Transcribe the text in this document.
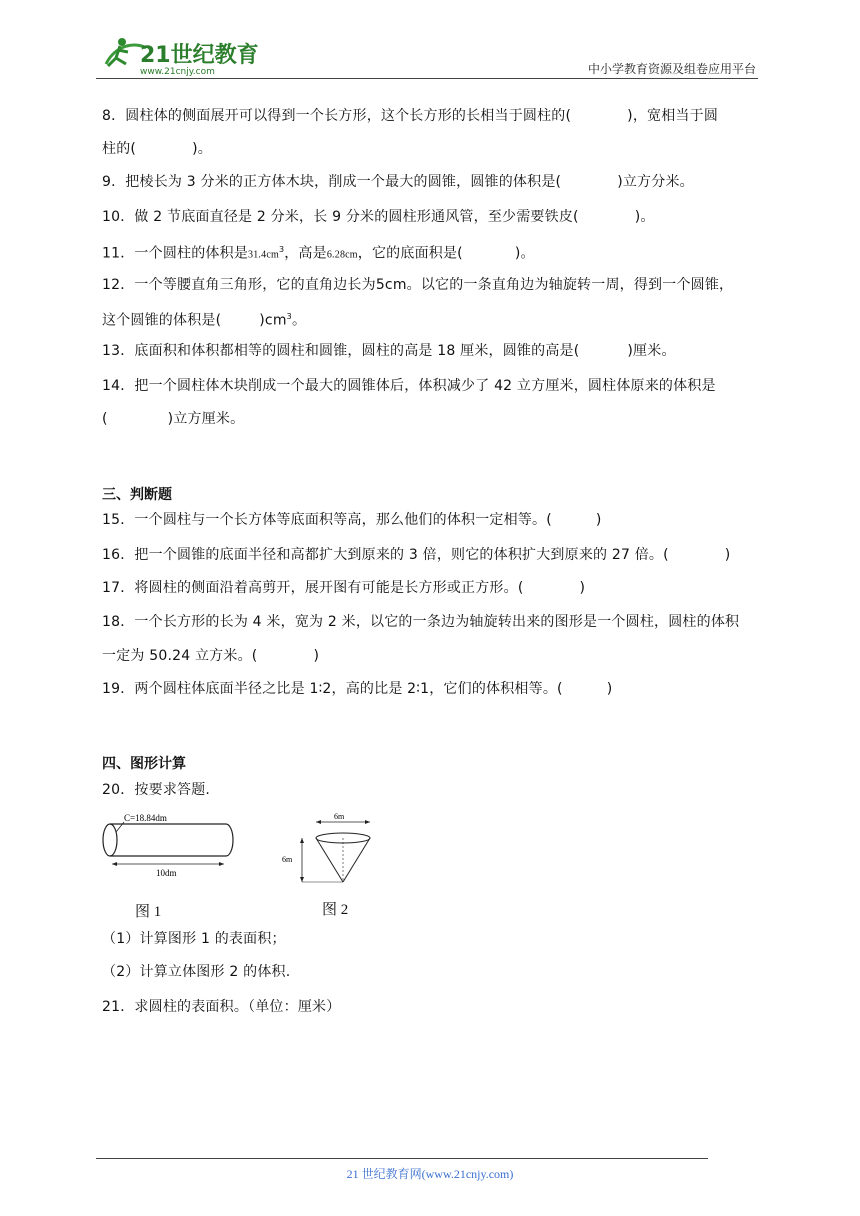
21世纪教育
www.21cnjy.com	中小学教育资源及组卷应用平台
8．圆柱体的侧面展开可以得到一个长方形，这个长方形的长相当于圆柱的(	)，宽相当于圆
柱的(	)。
9．把棱长为 3 分米的正方体木块，削成一个最大的圆锥，圆锥的体积是(	)立方分米。
10．做 2 节底面直径是 2 分米，长 9 分米的圆柱形通风管，至少需要铁皮(	)。
11．一个圆柱的体积是$31.4cm^3$，高是6.28cm，它的底面积是(	)。
12．一个等腰直角三角形，它的直角边长为5cm。以它的一条直角边为轴旋转一周，得到一个圆锥，
这个圆锥的体积是(	)$cm^3$。
13．底面积和体积都相等的圆柱和圆锥，圆柱的高是 18 厘米，圆锥的高是(	)厘米。
14．把一个圆柱体木块削成一个最大的圆锥体后，体积减少了 42 立方厘米，圆柱体原来的体积是
(	)立方厘米。
三、判断题
15．一个圆柱与一个长方体等底面积等高，那么他们的体积一定相等。(	)
16．把一个圆锥的底面半径和高都扩大到原来的 3 倍，则它的体积扩大到原来的 27 倍。(	)
17．将圆柱的侧面沿着高剪开，展开图有可能是长方形或正方形。(	)
18．一个长方形的长为 4 米，宽为 2 米，以它的一条边为轴旋转出来的图形是一个圆柱，圆柱的体积
一定为 50.24 立方米。(	)
19．两个圆柱体底面半径之比是 1∶2，高的比是 2∶1，它们的体积相等。(	)
四、图形计算
20．按要求答题.
C=18.84dm
10dm
图 1
6m
6m
图 2
（1）计算图形 1 的表面积；
（2）计算立体图形 2 的体积.
21．求圆柱的表面积。（单位：厘米）
21 世纪教育网(www.21cnjy.com)
